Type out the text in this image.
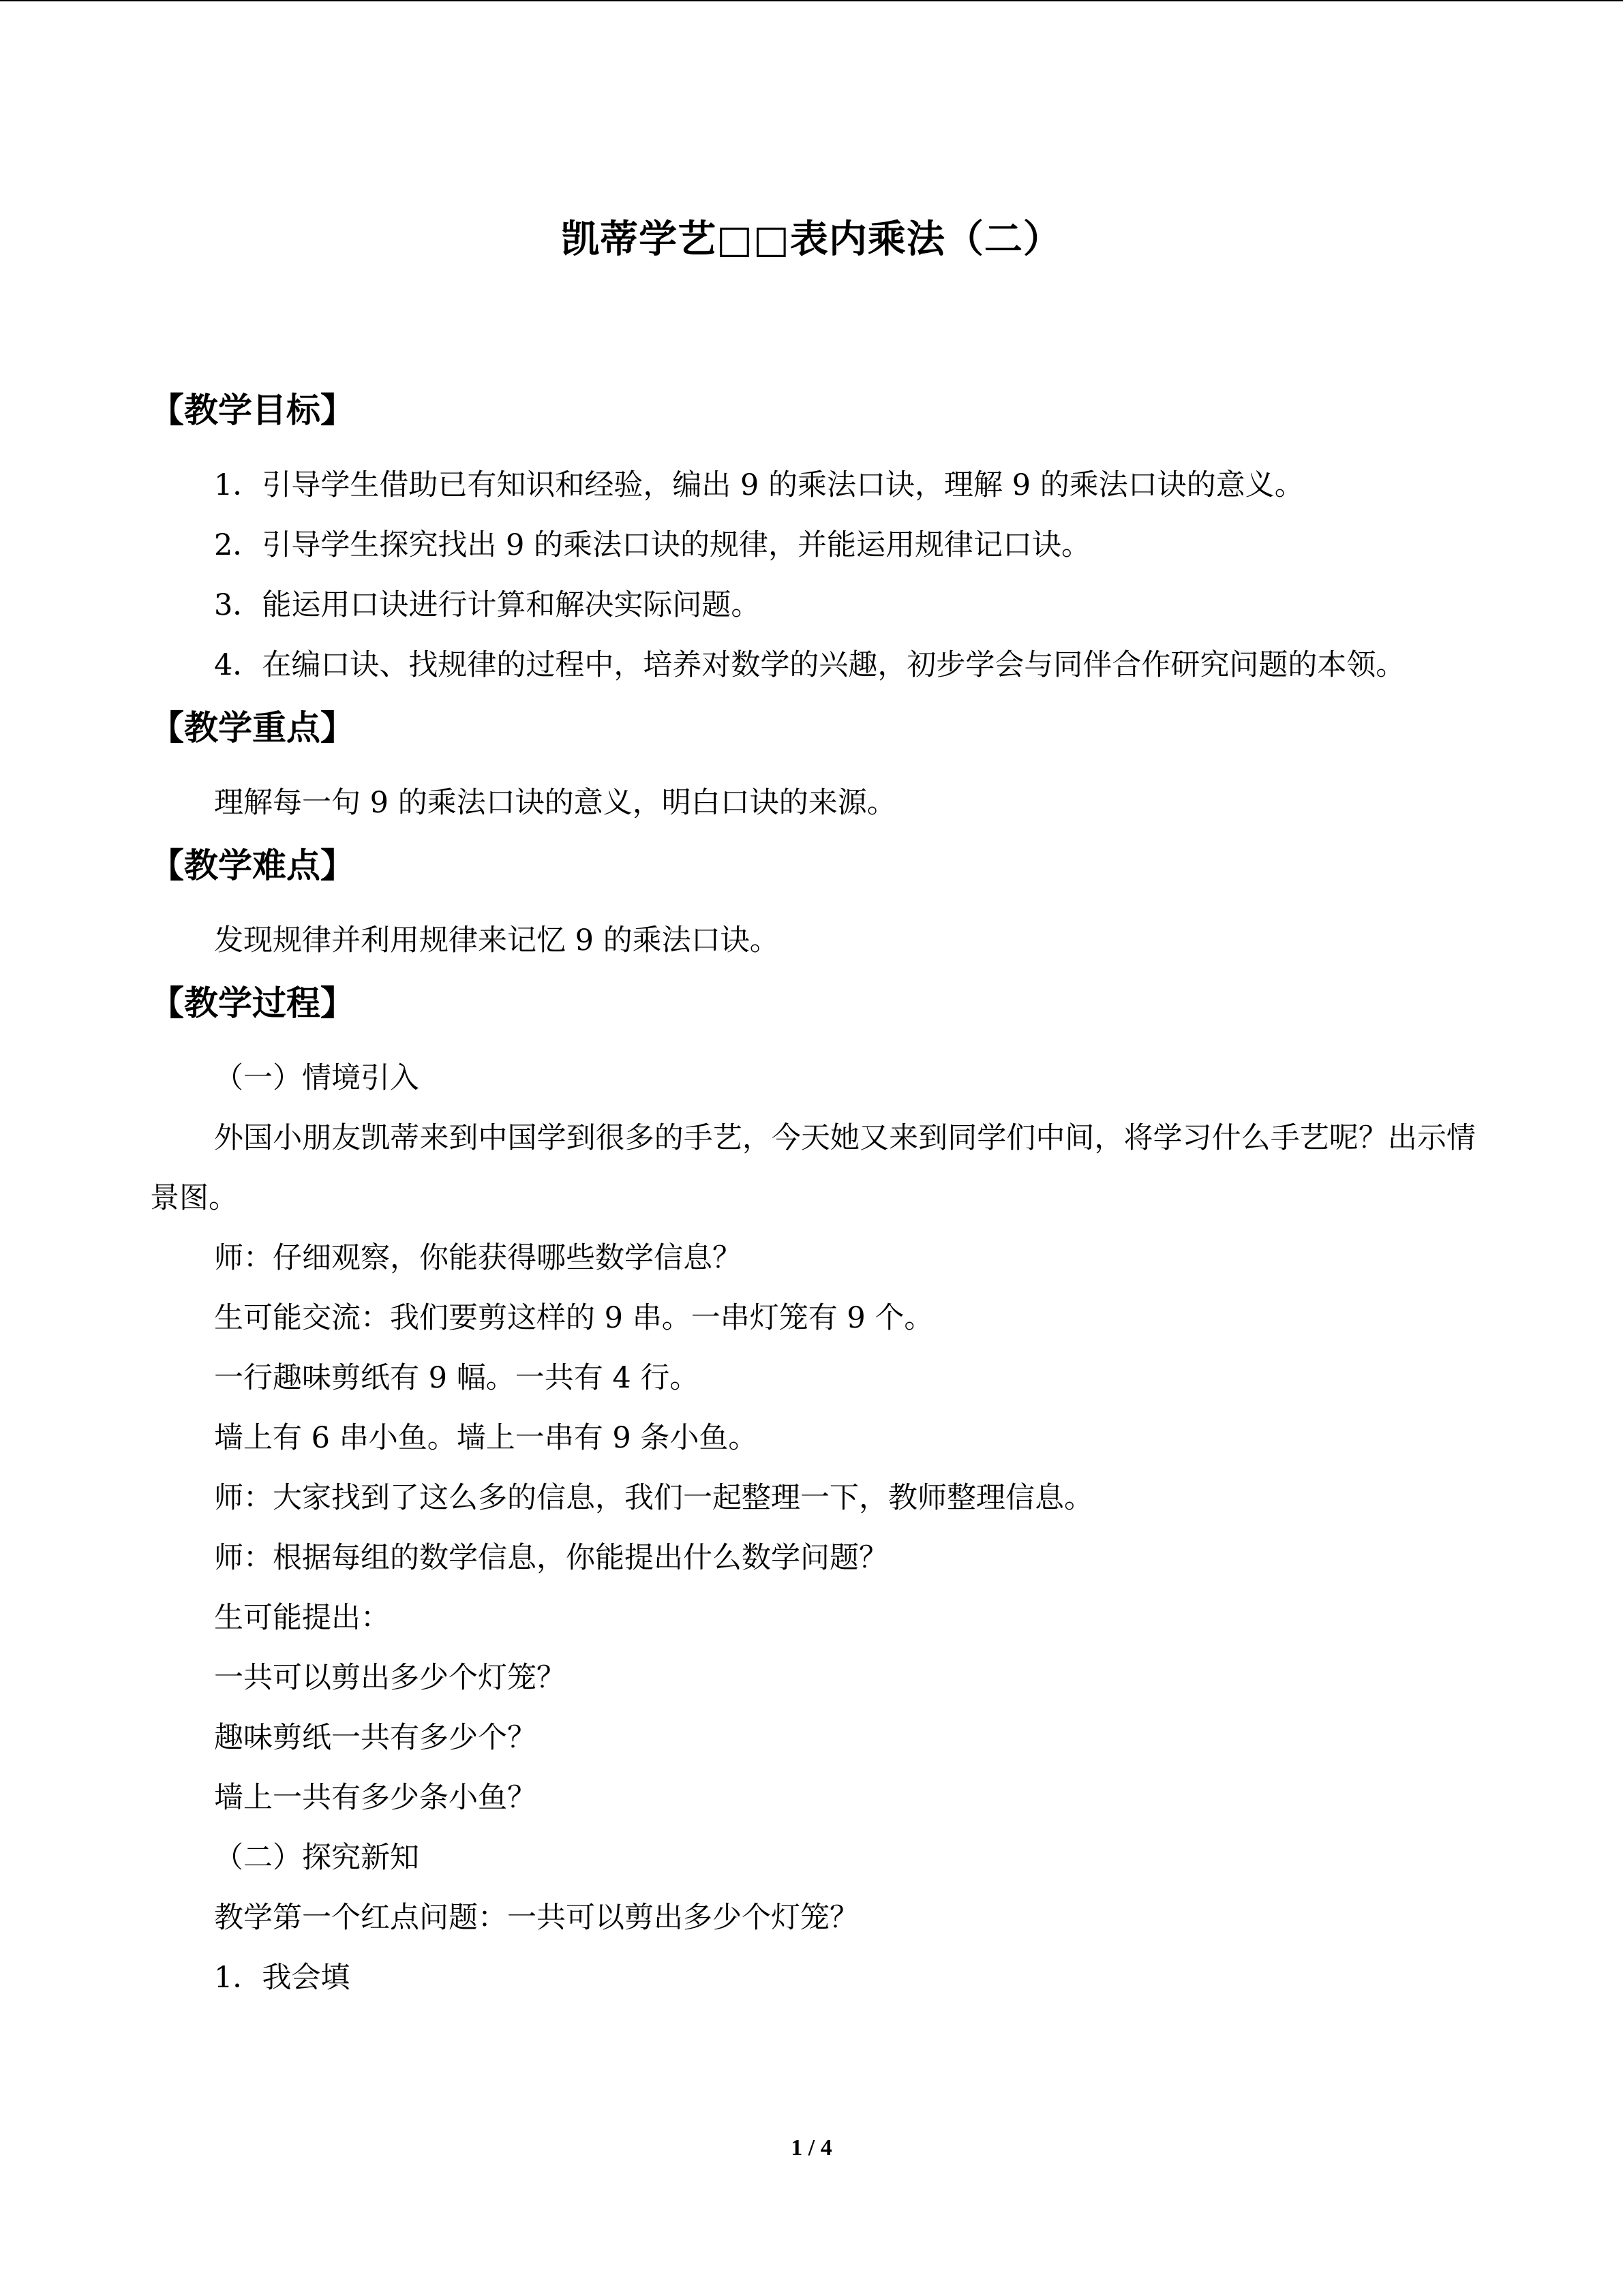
凯蒂学艺□□表内乘法（二）
【教学目标】

1．引导学生借助已有知识和经验，编出 9 的乘法口诀，理解 9 的乘法口诀的意义。

2．引导学生探究找出 9 的乘法口诀的规律，并能运用规律记口诀。

3．能运用口诀进行计算和解决实际问题。

4．在编口诀、找规律的过程中，培养对数学的兴趣，初步学会与同伴合作研究问题的本领。

【教学重点】

理解每一句 9 的乘法口诀的意义，明白口诀的来源。

【教学难点】

发现规律并利用规律来记忆 9 的乘法口诀。

【教学过程】

（一）情境引入

外国小朋友凯蒂来到中国学到很多的手艺，今天她又来到同学们中间，将学习什么手艺呢？出示情景图。

师：仔细观察，你能获得哪些数学信息？

生可能交流：我们要剪这样的 9 串。一串灯笼有 9 个。

一行趣味剪纸有 9 幅。一共有 4 行。

墙上有 6 串小鱼。墙上一串有 9 条小鱼。

师：大家找到了这么多的信息，我们一起整理一下，教师整理信息。

师：根据每组的数学信息，你能提出什么数学问题？

生可能提出：

一共可以剪出多少个灯笼？

趣味剪纸一共有多少个？

墙上一共有多少条小鱼？

（二）探究新知

教学第一个红点问题：一共可以剪出多少个灯笼？

1．我会填

1 / 4
